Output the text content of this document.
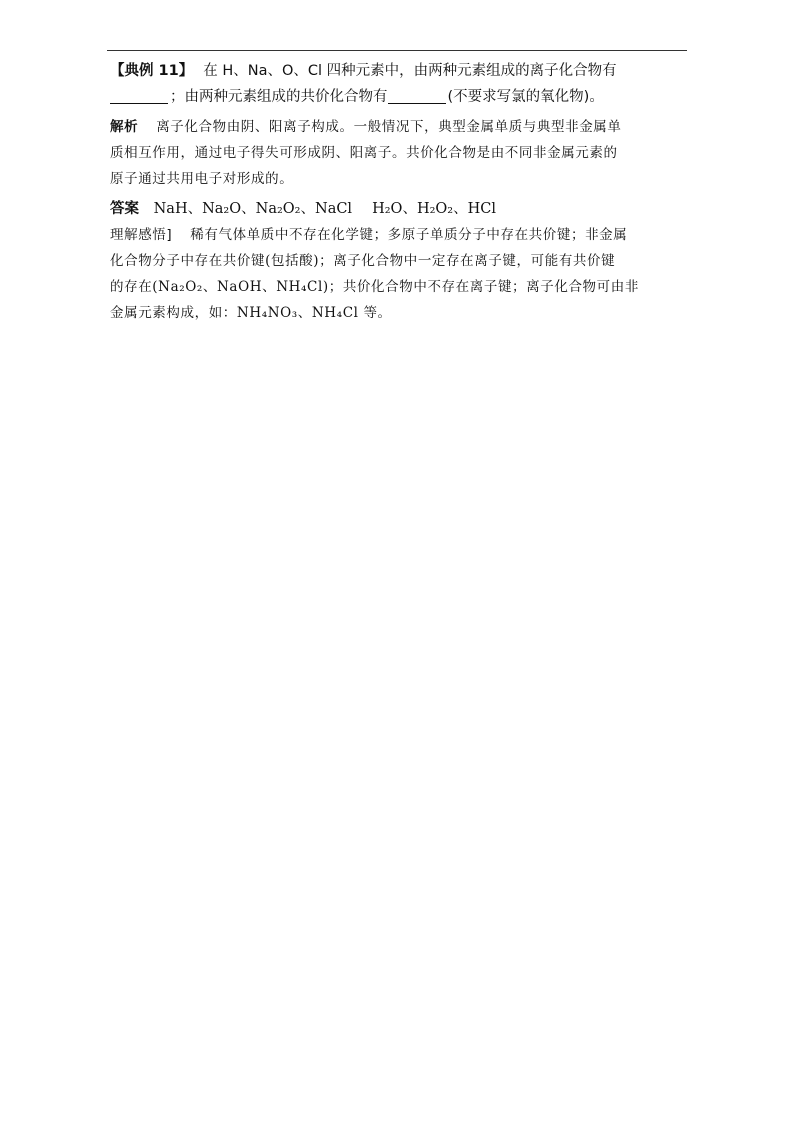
【典例 11】 在 H、Na、O、Cl 四种元素中，由两种元素组成的离子化合物有
；由两种元素组成的共价化合物有	(不要求写氯的氧化物)。
解析 离子化合物由阴、阳离子构成。一般情况下，典型金属单质与典型非金属单
质相互作用，通过电子得失可形成阴、阳离子。共价化合物是由不同非金属元素的
原子通过共用电子对形成的。
答案 NaH、Na₂O、Na₂O₂、NaCl H₂O、H₂O₂、HCl
理解感悟] 稀有气体单质中不存在化学键；多原子单质分子中存在共价键；非金属
化合物分子中存在共价键(包括酸)；离子化合物中一定存在离子键，可能有共价键
的存在(Na₂O₂、NaOH、NH₄Cl)；共价化合物中不存在离子键；离子化合物可由非
金属元素构成，如：NH₄NO₃、NH₄Cl 等。
